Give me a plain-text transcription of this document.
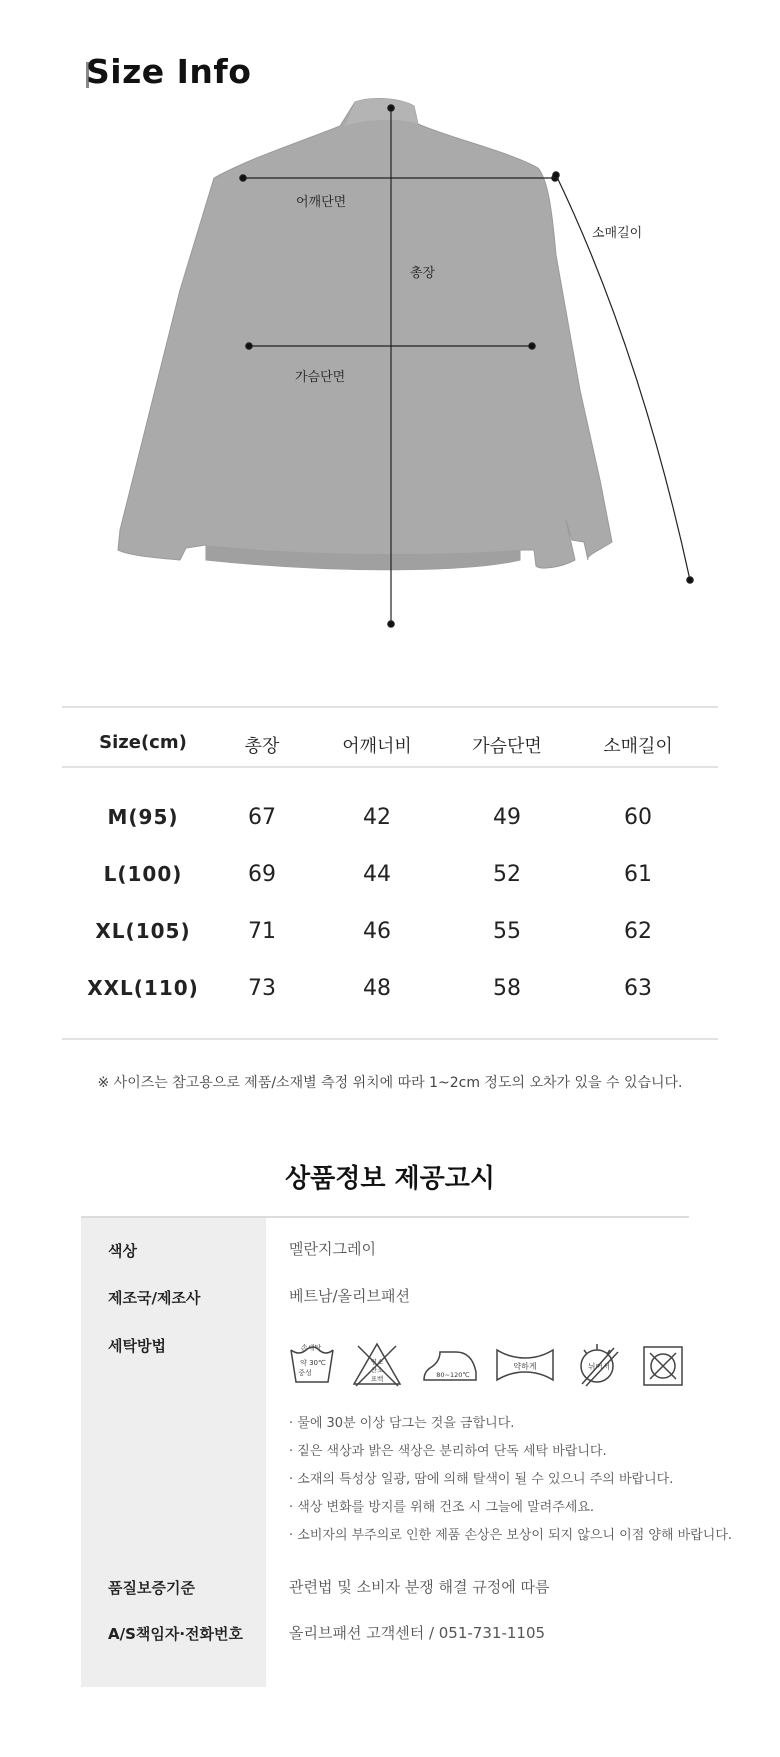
Size Info
어깨단면
총장
가슴단면
소매길이
Size(cm)	총장	어깨너비	가슴단면	소매길이
M(95)	67	42	49	60
L(100)	69	44	52	61
XL(105)	71	46	55	62
XXL(110)	73	48	58	63
※ 사이즈는 참고용으로 제품/소재별 측정 위치에 따라 1~2cm 정도의 오차가 있을 수 있습니다.
상품정보 제공고시
색상	멜란지그레이
제조국/제조사	베트남/올리브패션
세탁방법	손세탁
약 30℃
중성
염소
산소
표백	80~120℃
약하게	뉘어서
· 물에 30분 이상 담그는 것을 금합니다.
· 짙은 색상과 밝은 색상은 분리하여 단독 세탁 바랍니다.
· 소재의 특성상 일광, 땀에 의해 탈색이 될 수 있으니 주의 바랍니다.
· 색상 변화를 방지를 위해 건조 시 그늘에 말려주세요.
· 소비자의 부주의로 인한 제품 손상은 보상이 되지 않으니 이점 양해 바랍니다.
품질보증기준	관련법 및 소비자 분쟁 해결 규정에 따름
A/S책임자·전화번호	올리브패션 고객센터 / 051-731-1105
